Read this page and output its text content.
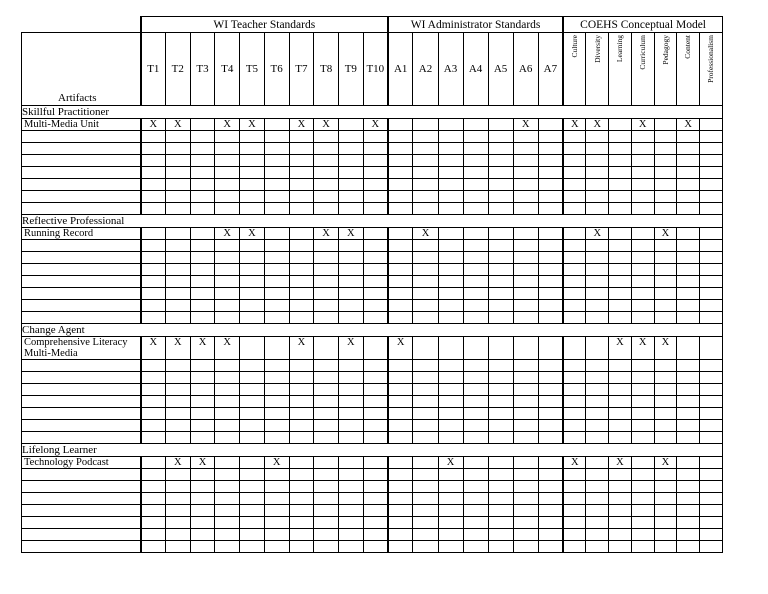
	WI Teacher Standards										WI Administrator Standards							COEHS Conceptual Model						
Artifacts	T1	T2	T3	T4	T5	T6	T7	T8	T9	T10	A1	A2	A3	A4	A5	A6	A7	Culture	Diversity	Learning	Curriculum	Pedagogy	Content	Professionalism
Skillful Practitioner																								
Multi-Media Unit	X	X		X	X		X	X		X						X		X	X		X		X	

Reflective Professional																								
Running Record				X	X			X	X			X							X			X		

Change Agent																								
Comprehensive Literacy Multi-Media	X	X	X	X			X		X		X									X	X	X		

Lifelong Learner																								
Technology Podcast		X	X			X							X					X		X		X		
